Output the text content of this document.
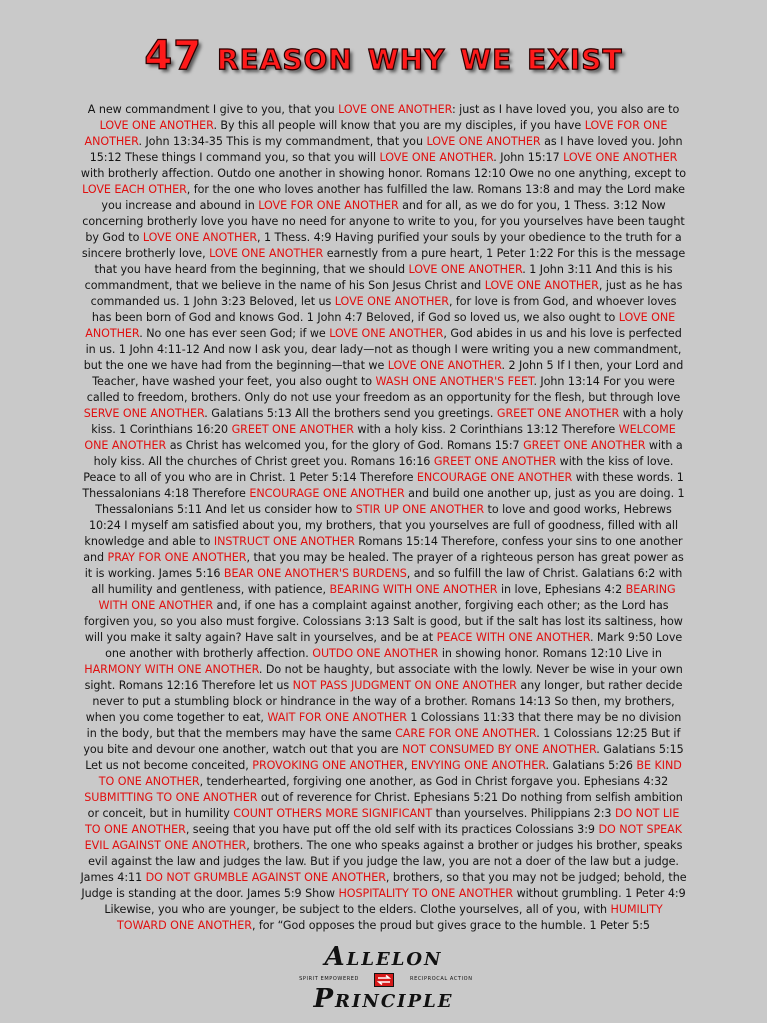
47 reason why we exist
A new commandment I give to you, that you LOVE ONE ANOTHER: just as I have loved you, you also are to LOVE ONE ANOTHER. By this all people will know that you are my disciples, if you have LOVE FOR ONE ANOTHER. John 13:34-35 This is my commandment, that you LOVE ONE ANOTHER as I have loved you. John 15:12 These things I command you, so that you will LOVE ONE ANOTHER. John 15:17 LOVE ONE ANOTHER with brotherly affection. Outdo one another in showing honor. Romans 12:10 Owe no one anything, except to LOVE EACH OTHER, for the one who loves another has fulfilled the law. Romans 13:8 and may the Lord make you increase and abound in LOVE FOR ONE ANOTHER and for all, as we do for you, 1 Thess. 3:12 Now concerning brotherly love you have no need for anyone to write to you, for you yourselves have been taught by God to LOVE ONE ANOTHER, 1 Thess. 4:9 Having purified your souls by your obedience to the truth for a sincere brotherly love, LOVE ONE ANOTHER earnestly from a pure heart, 1 Peter 1:22 For this is the message that you have heard from the beginning, that we should LOVE ONE ANOTHER. 1 John 3:11 And this is his commandment, that we believe in the name of his Son Jesus Christ and LOVE ONE ANOTHER, just as he has commanded us. 1 John 3:23 Beloved, let us LOVE ONE ANOTHER, for love is from God, and whoever loves has been born of God and knows God. 1 John 4:7 Beloved, if God so loved us, we also ought to LOVE ONE ANOTHER. No one has ever seen God; if we LOVE ONE ANOTHER, God abides in us and his love is perfected in us. 1 John 4:11-12 And now I ask you, dear lady—not as though I were writing you a new commandment, but the one we have had from the beginning—that we LOVE ONE ANOTHER. 2 John 5 If I then, your Lord and Teacher, have washed your feet, you also ought to WASH ONE ANOTHER'S FEET. John 13:14 For you were called to freedom, brothers. Only do not use your freedom as an opportunity for the flesh, but through love SERVE ONE ANOTHER. Galatians 5:13 All the brothers send you greetings. GREET ONE ANOTHER with a holy kiss. 1 Corinthians 16:20 GREET ONE ANOTHER with a holy kiss. 2 Corinthians 13:12 Therefore WELCOME ONE ANOTHER as Christ has welcomed you, for the glory of God. Romans 15:7 GREET ONE ANOTHER with a holy kiss. All the churches of Christ greet you. Romans 16:16 GREET ONE ANOTHER with the kiss of love. Peace to all of you who are in Christ. 1 Peter 5:14 Therefore ENCOURAGE ONE ANOTHER with these words. 1 Thessalonians 4:18 Therefore ENCOURAGE ONE ANOTHER and build one another up, just as you are doing. 1 Thessalonians 5:11 And let us consider how to STIR UP ONE ANOTHER to love and good works, Hebrews 10:24 I myself am satisfied about you, my brothers, that you yourselves are full of goodness, filled with all knowledge and able to INSTRUCT ONE ANOTHER Romans 15:14 Therefore, confess your sins to one another and PRAY FOR ONE ANOTHER, that you may be healed. The prayer of a righteous person has great power as it is working. James 5:16 BEAR ONE ANOTHER'S BURDENS, and so fulfill the law of Christ. Galatians 6:2 with all humility and gentleness, with patience, BEARING WITH ONE ANOTHER in love, Ephesians 4:2 BEARING WITH ONE ANOTHER and, if one has a complaint against another, forgiving each other; as the Lord has forgiven you, so you also must forgive. Colossians 3:13 Salt is good, but if the salt has lost its saltiness, how will you make it salty again? Have salt in yourselves, and be at PEACE WITH ONE ANOTHER. Mark 9:50 Love one another with brotherly affection. OUTDO ONE ANOTHER in showing honor. Romans 12:10 Live in HARMONY WITH ONE ANOTHER. Do not be haughty, but associate with the lowly. Never be wise in your own sight. Romans 12:16 Therefore let us NOT PASS JUDGMENT ON ONE ANOTHER any longer, but rather decide never to put a stumbling block or hindrance in the way of a brother. Romans 14:13 So then, my brothers, when you come together to eat, WAIT FOR ONE ANOTHER 1 Colossians 11:33 that there may be no division in the body, but that the members may have the same CARE FOR ONE ANOTHER. 1 Colossians 12:25 But if you bite and devour one another, watch out that you are NOT CONSUMED BY ONE ANOTHER. Galatians 5:15 Let us not become conceited, PROVOKING ONE ANOTHER, ENVYING ONE ANOTHER. Galatians 5:26 BE KIND TO ONE ANOTHER, tenderhearted, forgiving one another, as God in Christ forgave you. Ephesians 4:32 SUBMITTING TO ONE ANOTHER out of reverence for Christ. Ephesians 5:21 Do nothing from selfish ambition or conceit, but in humility COUNT OTHERS MORE SIGNIFICANT than yourselves. Philippians 2:3 DO NOT LIE TO ONE ANOTHER, seeing that you have put off the old self with its practices Colossians 3:9 DO NOT SPEAK EVIL AGAINST ONE ANOTHER, brothers. The one who speaks against a brother or judges his brother, speaks evil against the law and judges the law. But if you judge the law, you are not a doer of the law but a judge. James 4:11 DO NOT GRUMBLE AGAINST ONE ANOTHER, brothers, so that you may not be judged; behold, the Judge is standing at the door. James 5:9 Show HOSPITALITY TO ONE ANOTHER without grumbling. 1 Peter 4:9 Likewise, you who are younger, be subject to the elders. Clothe yourselves, all of you, with HUMILITY TOWARD ONE ANOTHER, for “God opposes the proud but gives grace to the humble. 1 Peter 5:5
Allelon
SPIRIT EMPOWERED	RECIPROCAL ACTION
Principle
